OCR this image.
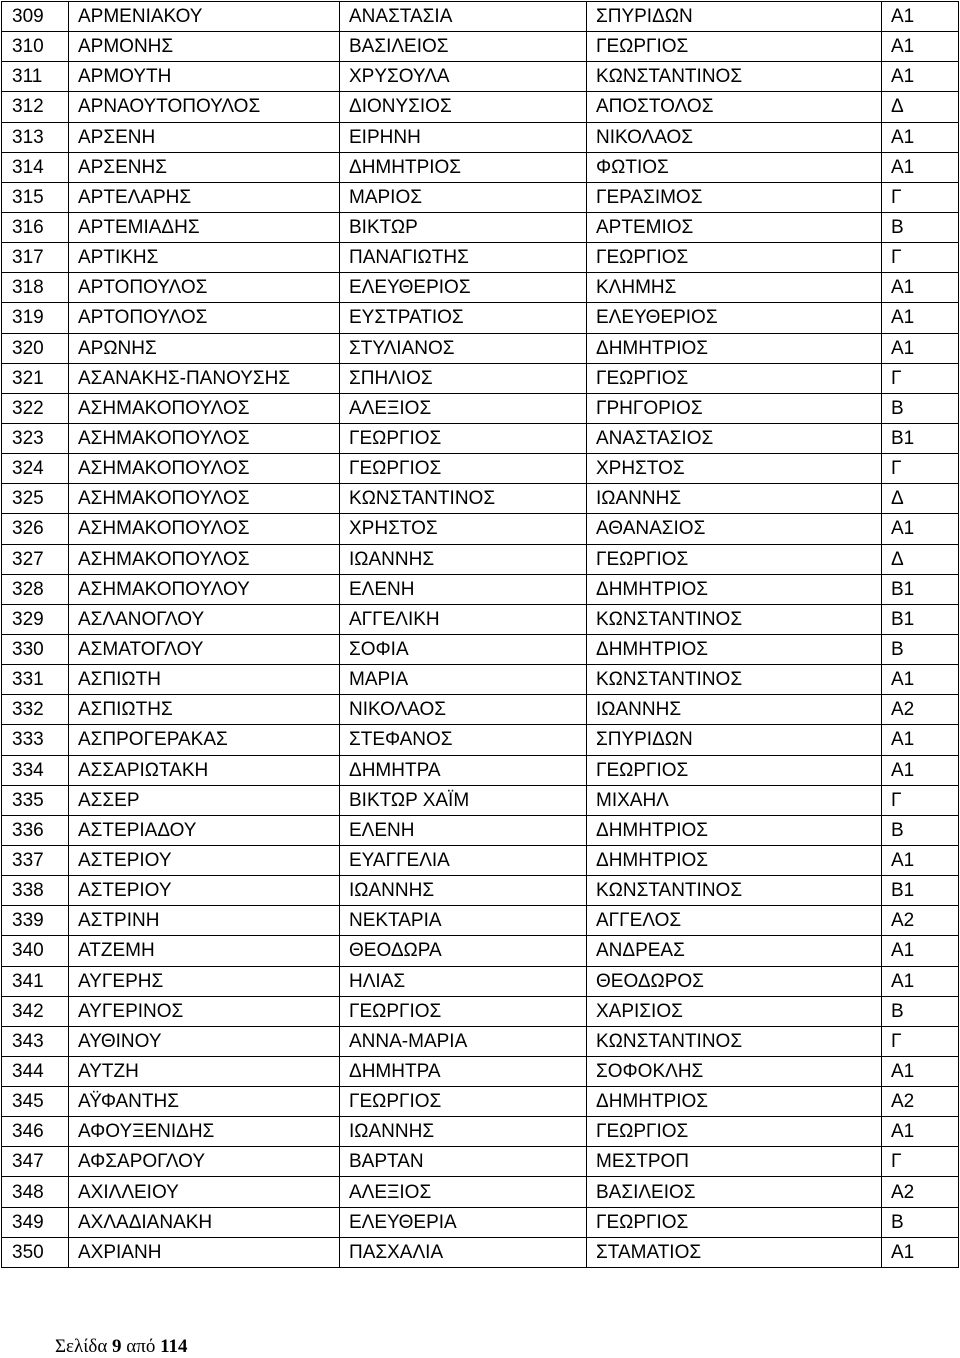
309	ΑΡΜΕΝΙΑΚΟΥ	ΑΝΑΣΤΑΣΙΑ	ΣΠΥΡΙΔΩΝ	Α1
310	ΑΡΜΟΝΗΣ	ΒΑΣΙΛΕΙΟΣ	ΓΕΩΡΓΙΟΣ	Α1
311	ΑΡΜΟΥΤΗ	ΧΡΥΣΟΥΛΑ	ΚΩΝΣΤΑΝΤΙΝΟΣ	Α1
312	ΑΡΝΑΟΥΤΟΠΟΥΛΟΣ	ΔΙΟΝΥΣΙΟΣ	ΑΠΟΣΤΟΛΟΣ	Δ
313	ΑΡΣΕΝΗ	ΕΙΡΗΝΗ	ΝΙΚΟΛΑΟΣ	Α1
314	ΑΡΣΕΝΗΣ	ΔΗΜΗΤΡΙΟΣ	ΦΩΤΙΟΣ	Α1
315	ΑΡΤΕΛΑΡΗΣ	ΜΑΡΙΟΣ	ΓΕΡΑΣΙΜΟΣ	Γ
316	ΑΡΤΕΜΙΑΔΗΣ	ΒΙΚΤΩΡ	ΑΡΤΕΜΙΟΣ	Β
317	ΑΡΤΙΚΗΣ	ΠΑΝΑΓΙΩΤΗΣ	ΓΕΩΡΓΙΟΣ	Γ
318	ΑΡΤΟΠΟΥΛΟΣ	ΕΛΕΥΘΕΡΙΟΣ	ΚΛΗΜΗΣ	Α1
319	ΑΡΤΟΠΟΥΛΟΣ	ΕΥΣΤΡΑΤΙΟΣ	ΕΛΕΥΘΕΡΙΟΣ	Α1
320	ΑΡΩΝΗΣ	ΣΤΥΛΙΑΝΟΣ	ΔΗΜΗΤΡΙΟΣ	Α1
321	ΑΣΑΝΑΚΗΣ-ΠΑΝΟΥΣΗΣ	ΣΠΗΛΙΟΣ	ΓΕΩΡΓΙΟΣ	Γ
322	ΑΣΗΜΑΚΟΠΟΥΛΟΣ	ΑΛΕΞΙΟΣ	ΓΡΗΓΟΡΙΟΣ	Β
323	ΑΣΗΜΑΚΟΠΟΥΛΟΣ	ΓΕΩΡΓΙΟΣ	ΑΝΑΣΤΑΣΙΟΣ	Β1
324	ΑΣΗΜΑΚΟΠΟΥΛΟΣ	ΓΕΩΡΓΙΟΣ	ΧΡΗΣΤΟΣ	Γ
325	ΑΣΗΜΑΚΟΠΟΥΛΟΣ	ΚΩΝΣΤΑΝΤΙΝΟΣ	ΙΩΑΝΝΗΣ	Δ
326	ΑΣΗΜΑΚΟΠΟΥΛΟΣ	ΧΡΗΣΤΟΣ	ΑΘΑΝΑΣΙΟΣ	Α1
327	ΑΣΗΜΑΚΟΠΟΥΛΟΣ	ΙΩΑΝΝΗΣ	ΓΕΩΡΓΙΟΣ	Δ
328	ΑΣΗΜΑΚΟΠΟΥΛΟΥ	ΕΛΕΝΗ	ΔΗΜΗΤΡΙΟΣ	Β1
329	ΑΣΛΑΝΟΓΛΟΥ	ΑΓΓΕΛΙΚΗ	ΚΩΝΣΤΑΝΤΙΝΟΣ	Β1
330	ΑΣΜΑΤΟΓΛΟΥ	ΣΟΦΙΑ	ΔΗΜΗΤΡΙΟΣ	Β
331	ΑΣΠΙΩΤΗ	ΜΑΡΙΑ	ΚΩΝΣΤΑΝΤΙΝΟΣ	Α1
332	ΑΣΠΙΩΤΗΣ	ΝΙΚΟΛΑΟΣ	ΙΩΑΝΝΗΣ	Α2
333	ΑΣΠΡΟΓΕΡΑΚΑΣ	ΣΤΕΦΑΝΟΣ	ΣΠΥΡΙΔΩΝ	Α1
334	ΑΣΣΑΡΙΩΤΑΚΗ	ΔΗΜΗΤΡΑ	ΓΕΩΡΓΙΟΣ	Α1
335	ΑΣΣΕΡ	ΒΙΚΤΩΡ ΧΑΪΜ	ΜΙΧΑΗΛ	Γ
336	ΑΣΤΕΡΙΑΔΟΥ	ΕΛΕΝΗ	ΔΗΜΗΤΡΙΟΣ	Β
337	ΑΣΤΕΡΙΟΥ	ΕΥΑΓΓΕΛΙΑ	ΔΗΜΗΤΡΙΟΣ	Α1
338	ΑΣΤΕΡΙΟΥ	ΙΩΑΝΝΗΣ	ΚΩΝΣΤΑΝΤΙΝΟΣ	Β1
339	ΑΣΤΡΙΝΗ	ΝΕΚΤΑΡΙΑ	ΑΓΓΕΛΟΣ	Α2
340	ΑΤΖΕΜΗ	ΘΕΟΔΩΡΑ	ΑΝΔΡΕΑΣ	Α1
341	ΑΥΓΕΡΗΣ	ΗΛΙΑΣ	ΘΕΟΔΩΡΟΣ	Α1
342	ΑΥΓΕΡΙΝΟΣ	ΓΕΩΡΓΙΟΣ	ΧΑΡΙΣΙΟΣ	Β
343	ΑΥΘΙΝΟΥ	ΑΝΝΑ-ΜΑΡΙΑ	ΚΩΝΣΤΑΝΤΙΝΟΣ	Γ
344	ΑΥΤΖΗ	ΔΗΜΗΤΡΑ	ΣΟΦΟΚΛΗΣ	Α1
345	ΑΫΦΑΝΤΗΣ	ΓΕΩΡΓΙΟΣ	ΔΗΜΗΤΡΙΟΣ	Α2
346	ΑΦΟΥΞΕΝΙΔΗΣ	ΙΩΑΝΝΗΣ	ΓΕΩΡΓΙΟΣ	Α1
347	ΑΦΣΑΡΟΓΛΟΥ	ΒΑΡΤΑΝ	ΜΕΣΤΡΟΠ	Γ
348	ΑΧΙΛΛΕΙΟΥ	ΑΛΕΞΙΟΣ	ΒΑΣΙΛΕΙΟΣ	Α2
349	ΑΧΛΑΔΙΑΝΑΚΗ	ΕΛΕΥΘΕΡΙΑ	ΓΕΩΡΓΙΟΣ	Β
350	ΑΧΡΙΑΝΗ	ΠΑΣΧΑΛΙΑ	ΣΤΑΜΑΤΙΟΣ	Α1
Σελίδα 9 από 114
